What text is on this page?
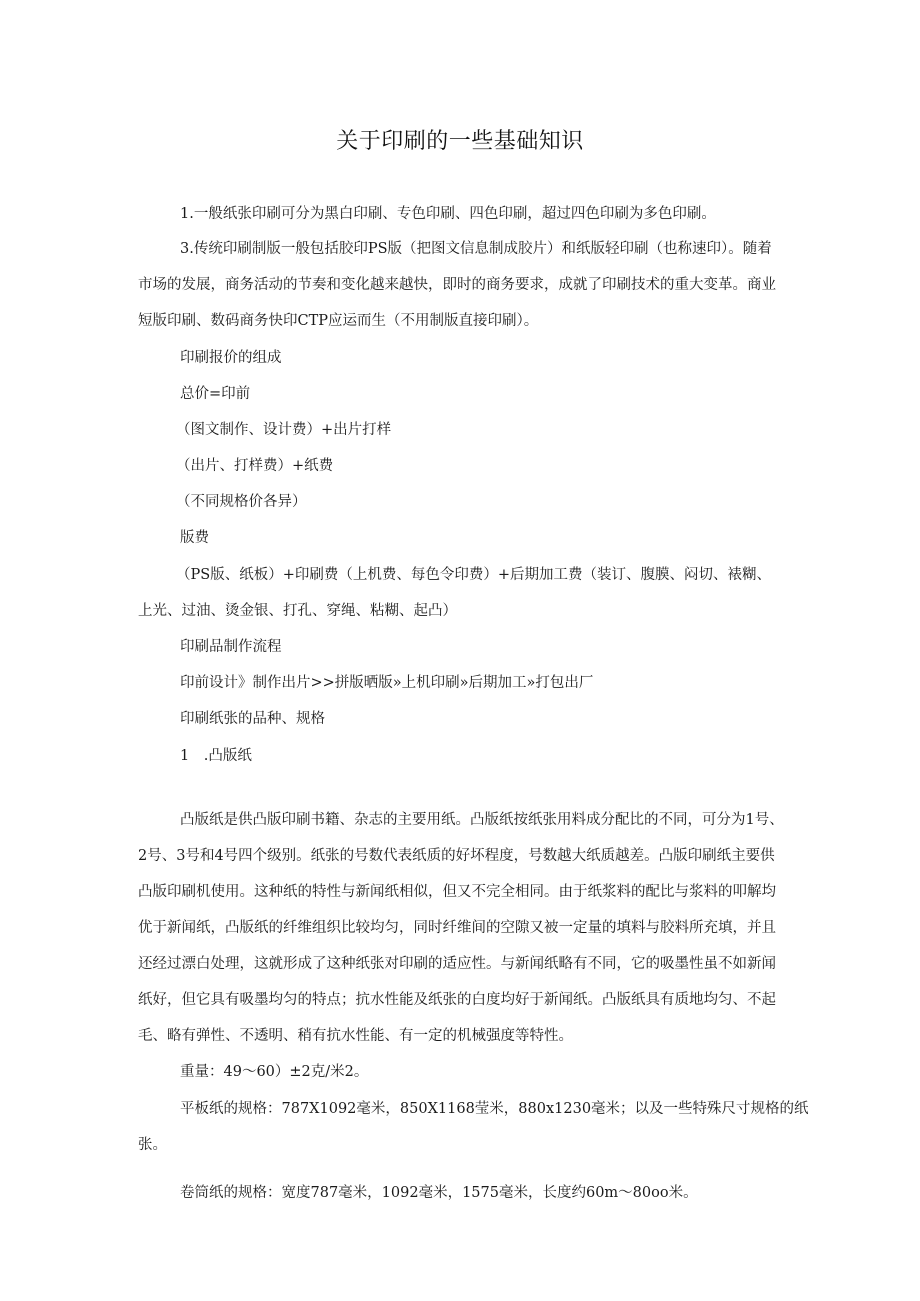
关于印刷的一些基础知识
1.一般纸张印刷可分为黑白印刷、专色印刷、四色印刷，超过四色印刷为多色印刷。
3.传统印刷制版一般包括胶印PS版（把图文信息制成胶片）和纸版轻印刷（也称速印）。随着
市场的发展，商务活动的节奏和变化越来越快，即时的商务要求，成就了印刷技术的重大变革。商业
短版印刷、数码商务快印CTP应运而生（不用制版直接印刷）。
印刷报价的组成
总价=印前
（图文制作、设计费）+出片打样
（出片、打样费）+纸费
（不同规格价各异）
版费
（PS版、纸板）+印刷费（上机费、每色令印费）+后期加工费（装订、腹膜、闷切、裱糊、
上光、过油、烫金银、打孔、穿绳、粘糊、起凸）
印刷品制作流程
印前设计》制作出片>>拼版晒版»上机印刷»后期加工»打包出厂
印刷纸张的品种、规格
1　.凸版纸
凸版纸是供凸版印刷书籍、杂志的主要用纸。凸版纸按纸张用料成分配比的不同，可分为1号、
2号、3号和4号四个级别。纸张的号数代表纸质的好坏程度，号数越大纸质越差。凸版印刷纸主要供
凸版印刷机使用。这种纸的特性与新闻纸相似，但又不完全相同。由于纸浆料的配比与浆料的叩解均
优于新闻纸，凸版纸的纤维组织比较均匀，同时纤维间的空隙又被一定量的填料与胶料所充填，并且
还经过漂白处理，这就形成了这种纸张对印刷的适应性。与新闻纸略有不同，它的吸墨性虽不如新闻
纸好，但它具有吸墨均匀的特点；抗水性能及纸张的白度均好于新闻纸。凸版纸具有质地均匀、不起
毛、略有弹性、不透明、稍有抗水性能、有一定的机械强度等特性。
重量：49～60）±2克/米2。
平板纸的规格：787X1092毫米，850X1168莹米，880x1230毫米；以及一些特殊尺寸规格的纸
张。
卷筒纸的规格：宽度787毫米，1092毫米，1575毫米，长度约60m～80oo米。
